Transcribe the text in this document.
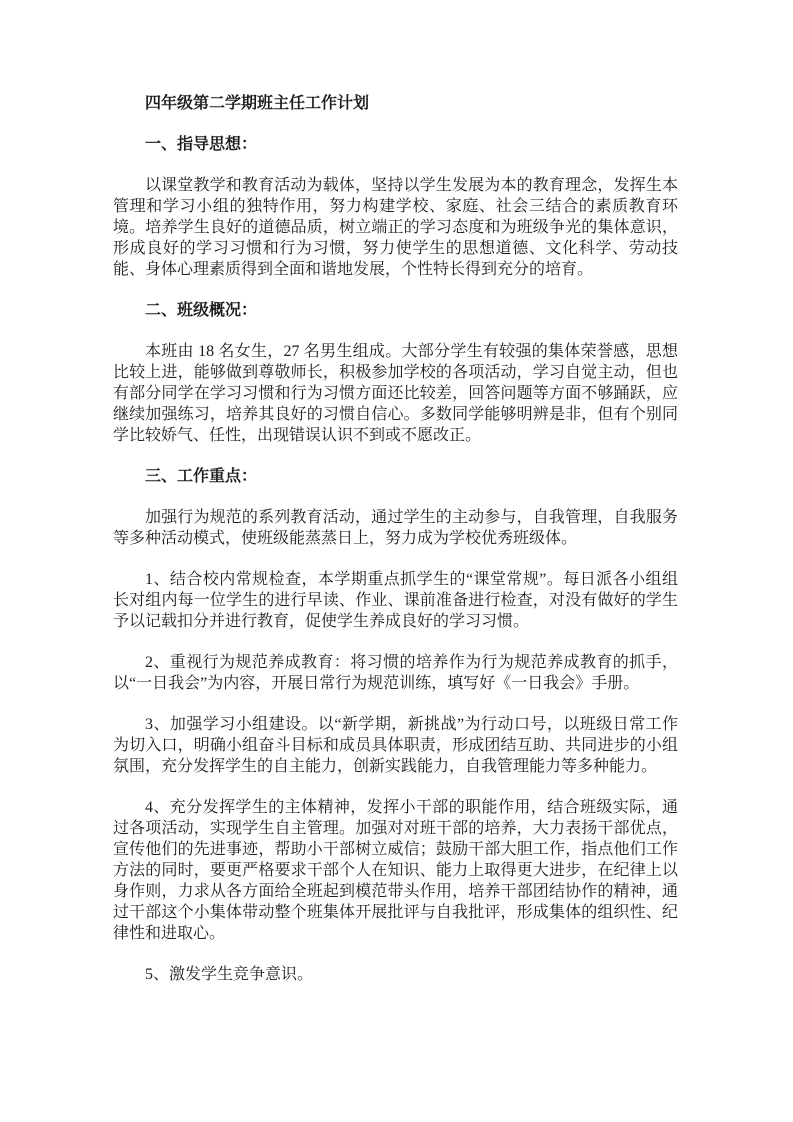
四年级第二学期班主任工作计划
一、指导思想：
以课堂教学和教育活动为载体，坚持以学生发展为本的教育理念，发挥生本管理和学习小组的独特作用，努力构建学校、家庭、社会三结合的素质教育环境。培养学生良好的道德品质，树立端正的学习态度和为班级争光的集体意识，形成良好的学习习惯和行为习惯，努力使学生的思想道德、文化科学、劳动技能、身体心理素质得到全面和谐地发展，个性特长得到充分的培育。
二、班级概况：
本班由 18 名女生，27 名男生组成。大部分学生有较强的集体荣誉感，思想比较上进，能够做到尊敬师长，积极参加学校的各项活动，学习自觉主动，但也有部分同学在学习习惯和行为习惯方面还比较差，回答问题等方面不够踊跃，应继续加强练习，培养其良好的习惯自信心。多数同学能够明辨是非，但有个别同学比较娇气、任性，出现错误认识不到或不愿改正。
三、工作重点：
加强行为规范的系列教育活动，通过学生的主动参与，自我管理，自我服务等多种活动模式，使班级能蒸蒸日上，努力成为学校优秀班级体。
1、结合校内常规检查，本学期重点抓学生的“课堂常规”。每日派各小组组长对组内每一位学生的进行早读、作业、课前准备进行检查，对没有做好的学生予以记载扣分并进行教育，促使学生养成良好的学习习惯。
2、重视行为规范养成教育：将习惯的培养作为行为规范养成教育的抓手，以“一日我会”为内容，开展日常行为规范训练，填写好《一日我会》手册。
3、加强学习小组建设。以“新学期，新挑战”为行动口号，以班级日常工作为切入口，明确小组奋斗目标和成员具体职责，形成团结互助、共同进步的小组氛围，充分发挥学生的自主能力，创新实践能力，自我管理能力等多种能力。
4、充分发挥学生的主体精神，发挥小干部的职能作用，结合班级实际，通过各项活动，实现学生自主管理。加强对对班干部的培养，大力表扬干部优点，宣传他们的先进事迹，帮助小干部树立威信；鼓励干部大胆工作，指点他们工作方法的同时，要更严格要求干部个人在知识、能力上取得更大进步，在纪律上以身作则，力求从各方面给全班起到模范带头作用，培养干部团结协作的精神，通过干部这个小集体带动整个班集体开展批评与自我批评，形成集体的组织性、纪律性和进取心。
5、激发学生竞争意识。
